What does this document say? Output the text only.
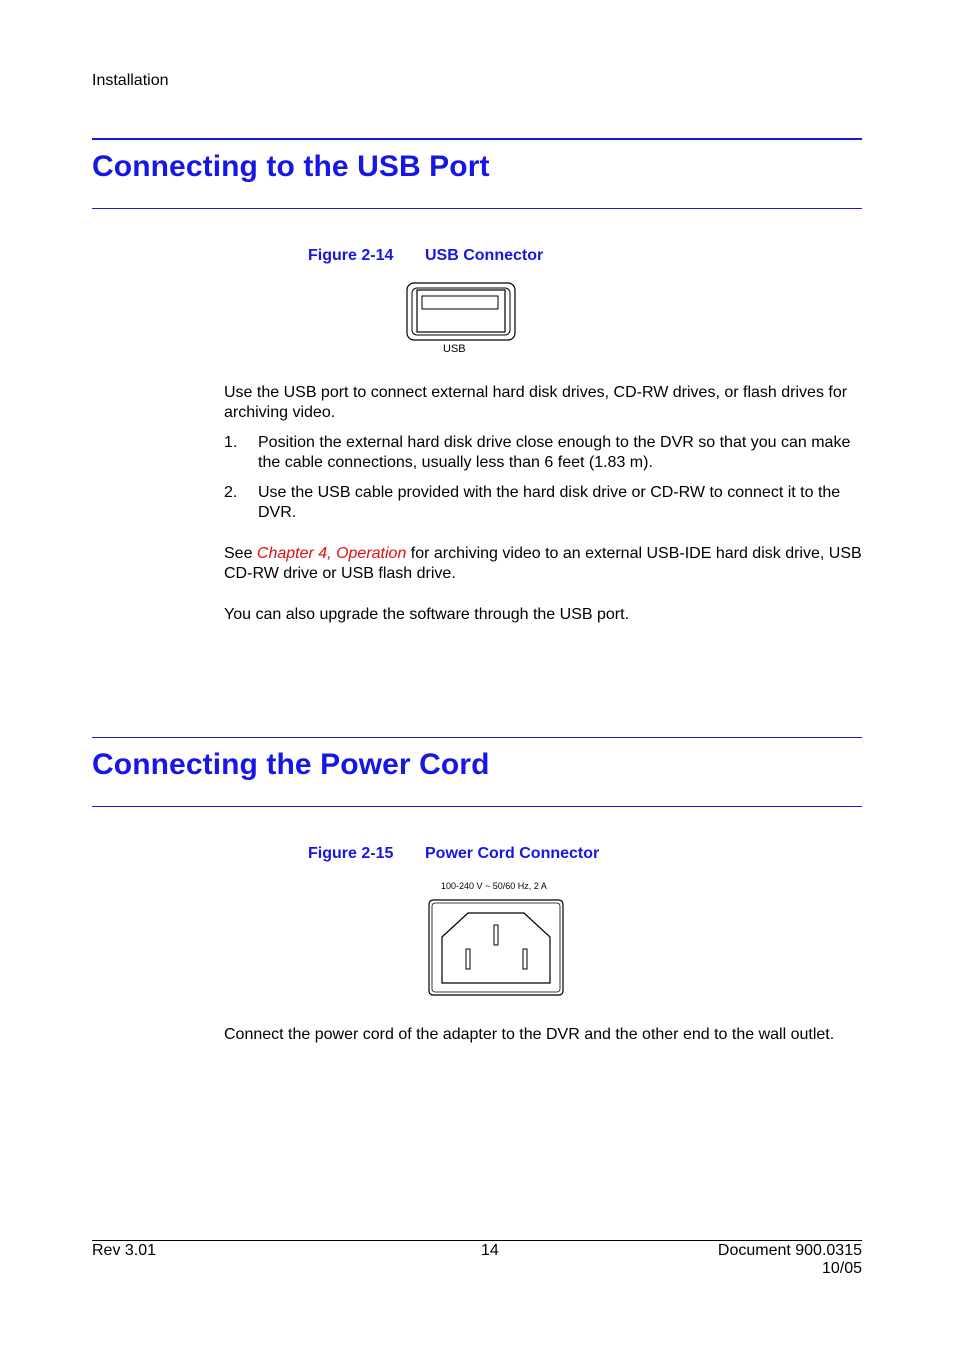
Installation
Connecting to the USB Port
Figure 2-14 USB Connector
USB
Use the USB port to connect external hard disk drives, CD-RW drives, or flash drives for archiving video.
1. Position the external hard disk drive close enough to the DVR so that you can make the cable connections, usually less than 6 feet (1.83 m).
2. Use the USB cable provided with the hard disk drive or CD-RW to connect it to the DVR.
See Chapter 4, Operation for archiving video to an external USB-IDE hard disk drive, USB CD-RW drive or USB flash drive.
You can also upgrade the software through the USB port.
Connecting the Power Cord
Figure 2-15 Power Cord Connector
100-240 V ~ 50/60 Hz, 2 A
Connect the power cord of the adapter to the DVR and the other end to the wall outlet.
Rev 3.01	14	Document 900.0315
10/05
